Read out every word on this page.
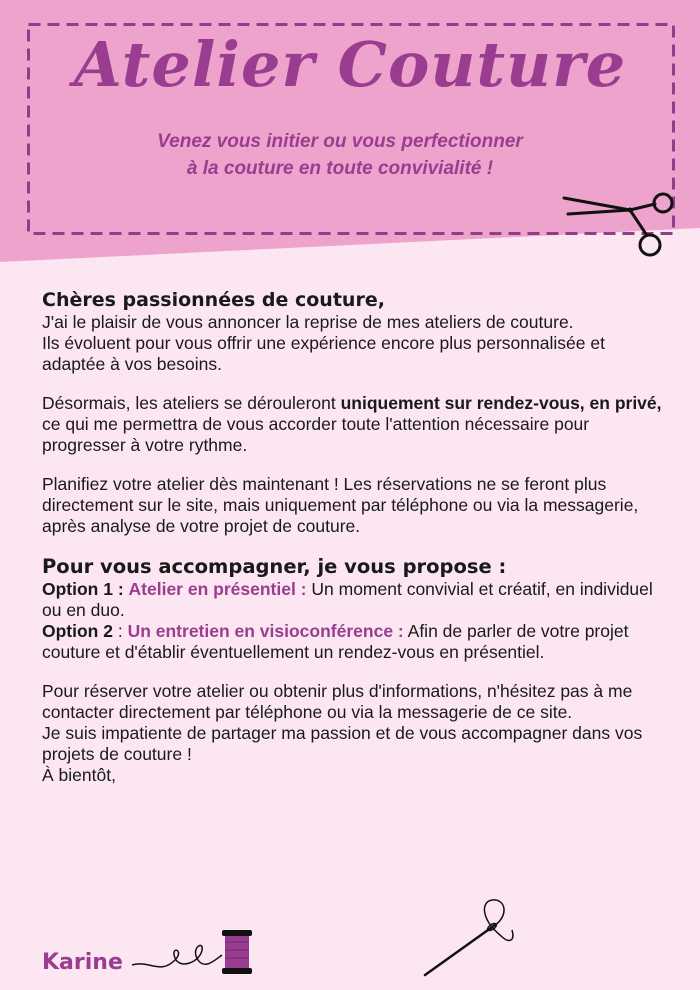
Atelier Couture
Venez vous initier ou vous perfectionner
à la couture en toute convivialité !

Chères passionnées de couture,

J'ai le plaisir de vous annoncer la reprise de mes ateliers de couture.
Ils évoluent pour vous offrir une expérience encore plus personnalisée et adaptée à vos besoins.

Désormais, les ateliers se dérouleront uniquement sur rendez-vous, en privé, ce qui me permettra de vous accorder toute l'attention nécessaire pour progresser à votre rythme.

Planifiez votre atelier dès maintenant ! Les réservations ne se feront plus directement sur le site, mais uniquement par téléphone ou via la messagerie, après analyse de votre projet de couture.

Pour vous accompagner, je vous propose :

Option 1 : Atelier en présentiel : Un moment convivial et créatif, en individuel ou en duo.

Option 2 : Un entretien en visioconférence : Afin de parler de votre projet couture et d'établir éventuellement un rendez-vous en présentiel.

Pour réserver votre atelier ou obtenir plus d'informations, n'hésitez pas à me contacter directement par téléphone ou via la messagerie de ce site.

Je suis impatiente de partager ma passion et de vous accompagner dans vos projets de couture !

À bientôt,

Karine
